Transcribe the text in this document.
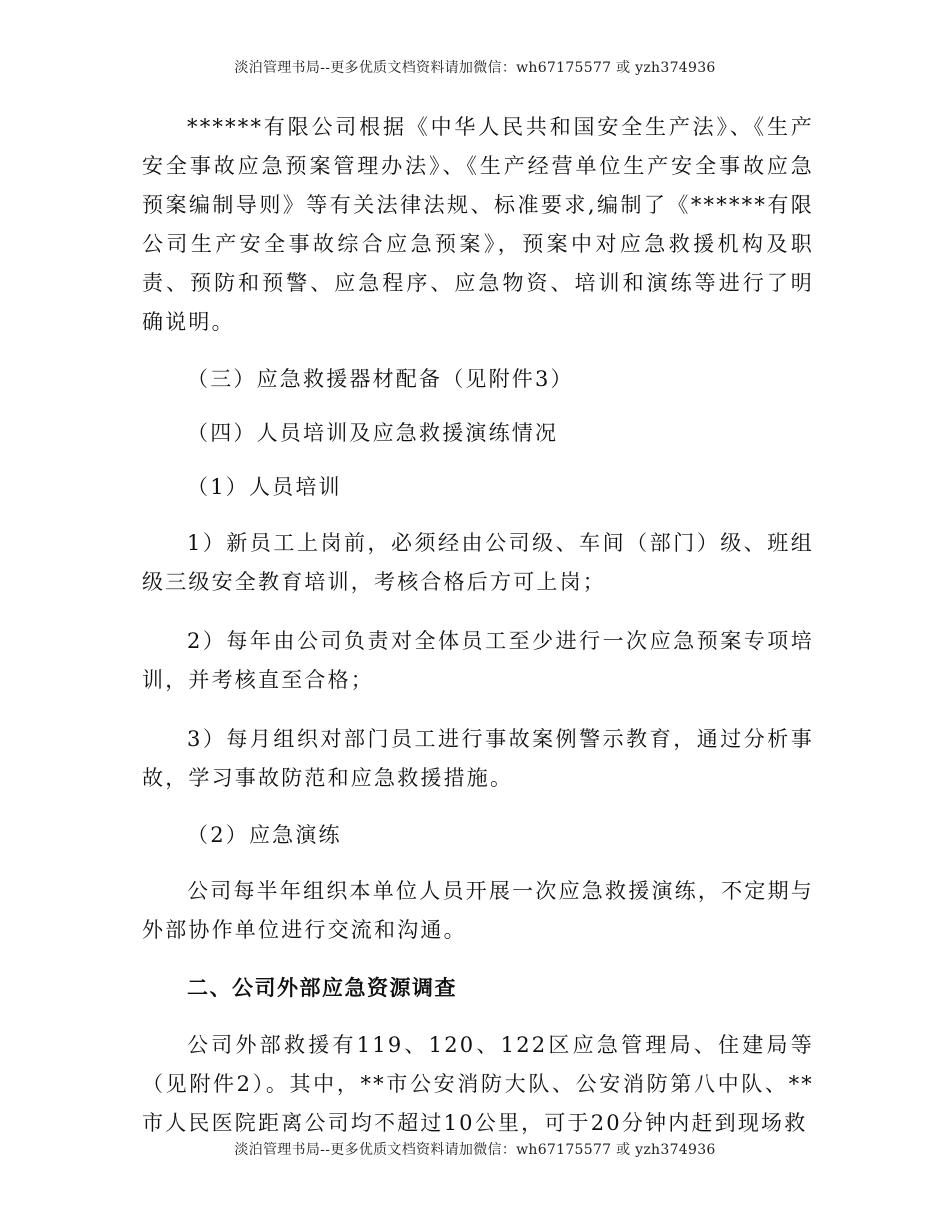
淡泊管理书局--更多优质文档资料请加微信：wh67175577 或 yzh374936

******有限公司根据《中华人民共和国安全生产法》、《生产安全事故应急预案管理办法》、《生产经营单位生产安全事故应急预案编制导则》等有关法律法规、标准要求,编制了《******有限公司生产安全事故综合应急预案》，预案中对应急救援机构及职责、预防和预警、应急程序、应急物资、培训和演练等进行了明确说明。

（三）应急救援器材配备（见附件3）

（四）人员培训及应急救援演练情况

（1）人员培训

1）新员工上岗前，必须经由公司级、车间（部门）级、班组级三级安全教育培训，考核合格后方可上岗；

2）每年由公司负责对全体员工至少进行一次应急预案专项培训，并考核直至合格；

3）每月组织对部门员工进行事故案例警示教育，通过分析事故，学习事故防范和应急救援措施。

（2）应急演练

公司每半年组织本单位人员开展一次应急救援演练，不定期与外部协作单位进行交流和沟通。

二、公司外部应急资源调查

公司外部救援有119、120、122区应急管理局、住建局等（见附件2）。其中，**市公安消防大队、公安消防第八中队、**市人民医院距离公司均不超过10公里，可于20分钟内赶到现场救

淡泊管理书局--更多优质文档资料请加微信：wh67175577 或 yzh374936
